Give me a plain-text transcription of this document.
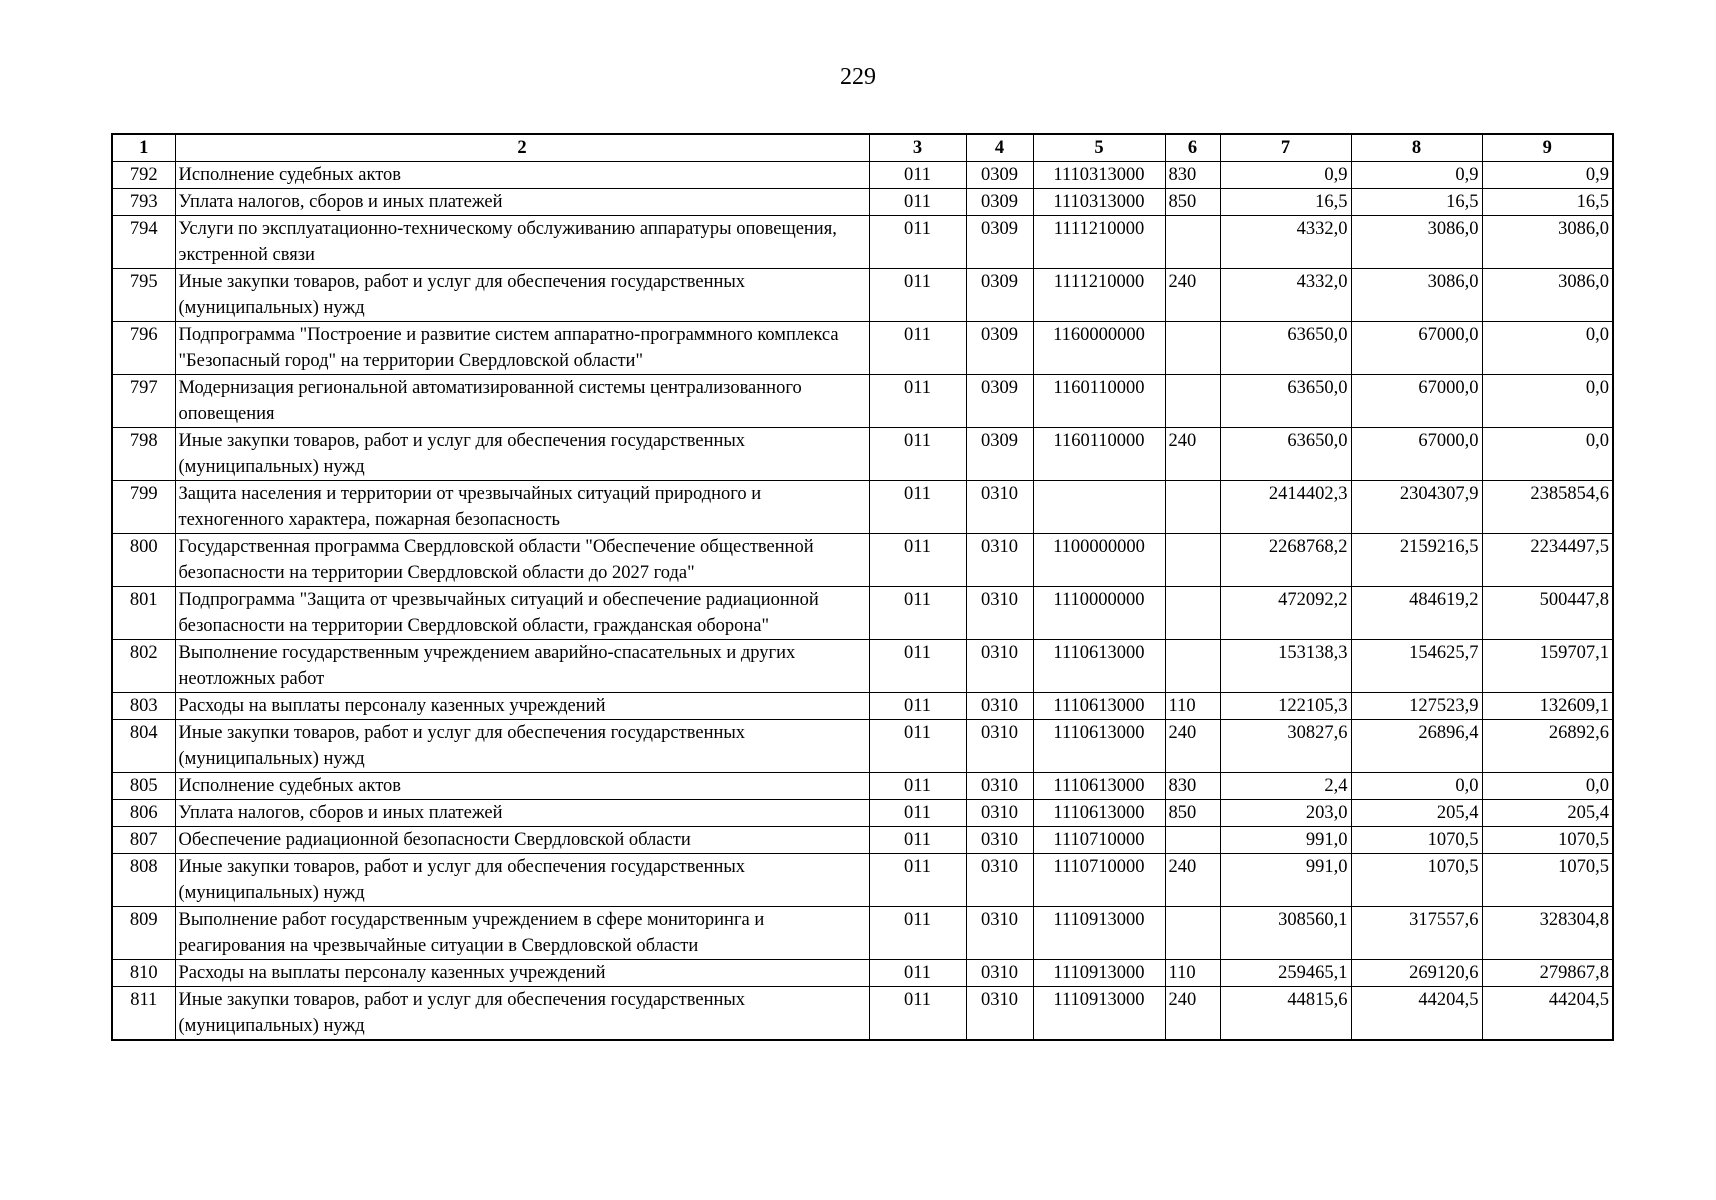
229
1	2	3	4	5	6	7	8	9
792	Исполнение судебных актов	011	0309	1110313000	830	0,9	0,9	0,9
793	Уплата налогов, сборов и иных платежей	011	0309	1110313000	850	16,5	16,5	16,5
794	Услуги по эксплуатационно-техническому обслуживанию аппаратуры оповещения, экстренной связи	011	0309	1111210000		4332,0	3086,0	3086,0
795	Иные закупки товаров, работ и услуг для обеспечения государственных (муниципальных) нужд	011	0309	1111210000	240	4332,0	3086,0	3086,0
796	Подпрограмма "Построение и развитие систем аппаратно-программного комплекса "Безопасный город" на территории Свердловской области"	011	0309	1160000000		63650,0	67000,0	0,0
797	Модернизация региональной автоматизированной системы централизованного оповещения	011	0309	1160110000		63650,0	67000,0	0,0
798	Иные закупки товаров, работ и услуг для обеспечения государственных (муниципальных) нужд	011	0309	1160110000	240	63650,0	67000,0	0,0
799	Защита населения и территории от чрезвычайных ситуаций природного и техногенного характера, пожарная безопасность	011	0310			2414402,3	2304307,9	2385854,6
800	Государственная программа Свердловской области "Обеспечение общественной безопасности на территории Свердловской области до 2027 года"	011	0310	1100000000		2268768,2	2159216,5	2234497,5
801	Подпрограмма "Защита от чрезвычайных ситуаций и обеспечение радиационной безопасности на территории Свердловской области, гражданская оборона"	011	0310	1110000000		472092,2	484619,2	500447,8
802	Выполнение государственным учреждением аварийно-спасательных и других неотложных работ	011	0310	1110613000		153138,3	154625,7	159707,1
803	Расходы на выплаты персоналу казенных учреждений	011	0310	1110613000	110	122105,3	127523,9	132609,1
804	Иные закупки товаров, работ и услуг для обеспечения государственных (муниципальных) нужд	011	0310	1110613000	240	30827,6	26896,4	26892,6
805	Исполнение судебных актов	011	0310	1110613000	830	2,4	0,0	0,0
806	Уплата налогов, сборов и иных платежей	011	0310	1110613000	850	203,0	205,4	205,4
807	Обеспечение радиационной безопасности Свердловской области	011	0310	1110710000		991,0	1070,5	1070,5
808	Иные закупки товаров, работ и услуг для обеспечения государственных (муниципальных) нужд	011	0310	1110710000	240	991,0	1070,5	1070,5
809	Выполнение работ государственным учреждением в сфере мониторинга и реагирования на чрезвычайные ситуации в Свердловской области	011	0310	1110913000		308560,1	317557,6	328304,8
810	Расходы на выплаты персоналу казенных учреждений	011	0310	1110913000	110	259465,1	269120,6	279867,8
811	Иные закупки товаров, работ и услуг для обеспечения государственных (муниципальных) нужд	011	0310	1110913000	240	44815,6	44204,5	44204,5
